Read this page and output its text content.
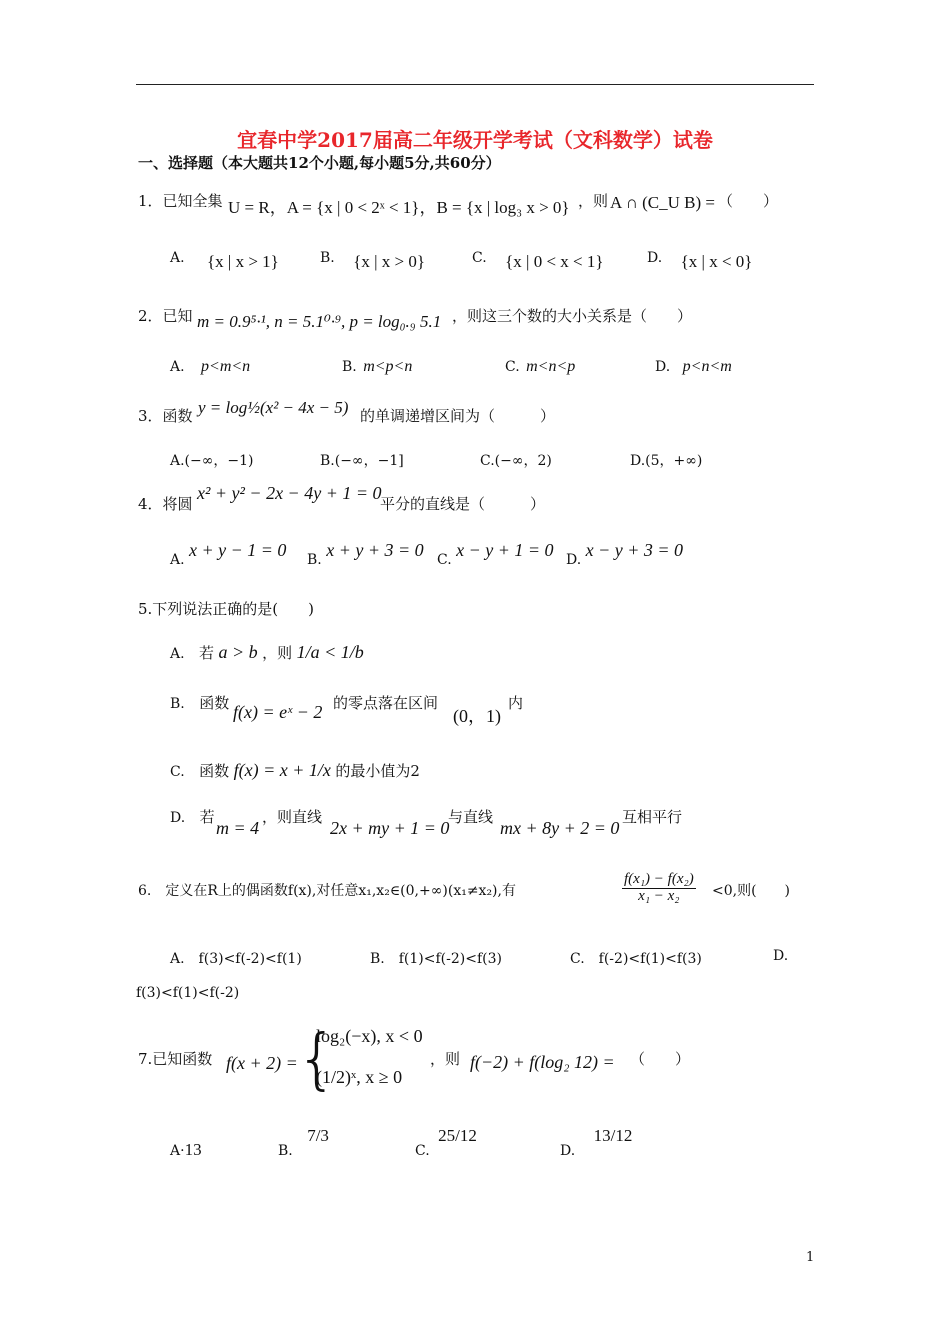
宜春中学2017届高二年级开学考试（文科数学）试卷
一、选择题（本大题共12个小题,每小题5分,共60分）
1．已知全集 U = R，A = {x | 0 < 2ˣ < 1}，B = {x | log₃ x > 0} ，则 A ∩ (C_U B) = （　　）
A. {x | x > 1}	B. {x | x > 0}	C. {x | 0 < x < 1}	D. {x | x < 0}
2．已知 m = 0.9⁵·¹, n = 5.1⁰·⁹, p = log₀.₉ 5.1 ，则这三个数的大小关系是（　　）
A. p<m<n	B. m<p<n	C. m<n<p	D. p<n<m
3．函数 y = log½(x² − 4x − 5) 的单调递增区间为（　　　）
A.(−∞，−1)	B.(−∞，−1]	C.(−∞，2)	D.(5，+∞)
4．将圆
x² + y² − 2x − 4y + 1 = 0
平分的直线是（　　　）
A. x + y − 1 = 0 B. x + y + 3 = 0 C. x − y + 1 = 0 D. x − y + 3 = 0
5.下列说法正确的是(　　)
A. 若 a > b ，则 1/a < 1/b
B. 函数 f(x) = eˣ − 2 的零点落在区间
(0，1)
内
C. 函数 f(x) = x + 1/x 的最小值为2
D. 若
m = 4
，则直线
2x + my + 1 = 0
与直线
mx + 8y + 2 = 0
互相平行
6.　定义在R上的偶函数f(x),对任意x₁,x₂∈(0,+∞)(x₁≠x₂),有	$\frac{\text{f(x₁) − f(x₂)}}{\text{x₁ − x₂}} <0$,则(　　)
A.　f(3)<f(-2)<f(1)	B.　f(1)<f(-2)<f(3)	C.　f(-2)<f(1)<f(3)	D.
f(3)<f(1)<f(-2)
7.已知函数 f(x + 2) =
{
log₂(−x), x < 0
(1/2)ˣ, x ≥ 0
，则 f(−2) + f(log₂ 12) = （　　）
A·13	B. 7/3
C. 25/12
D. 13/12
1
